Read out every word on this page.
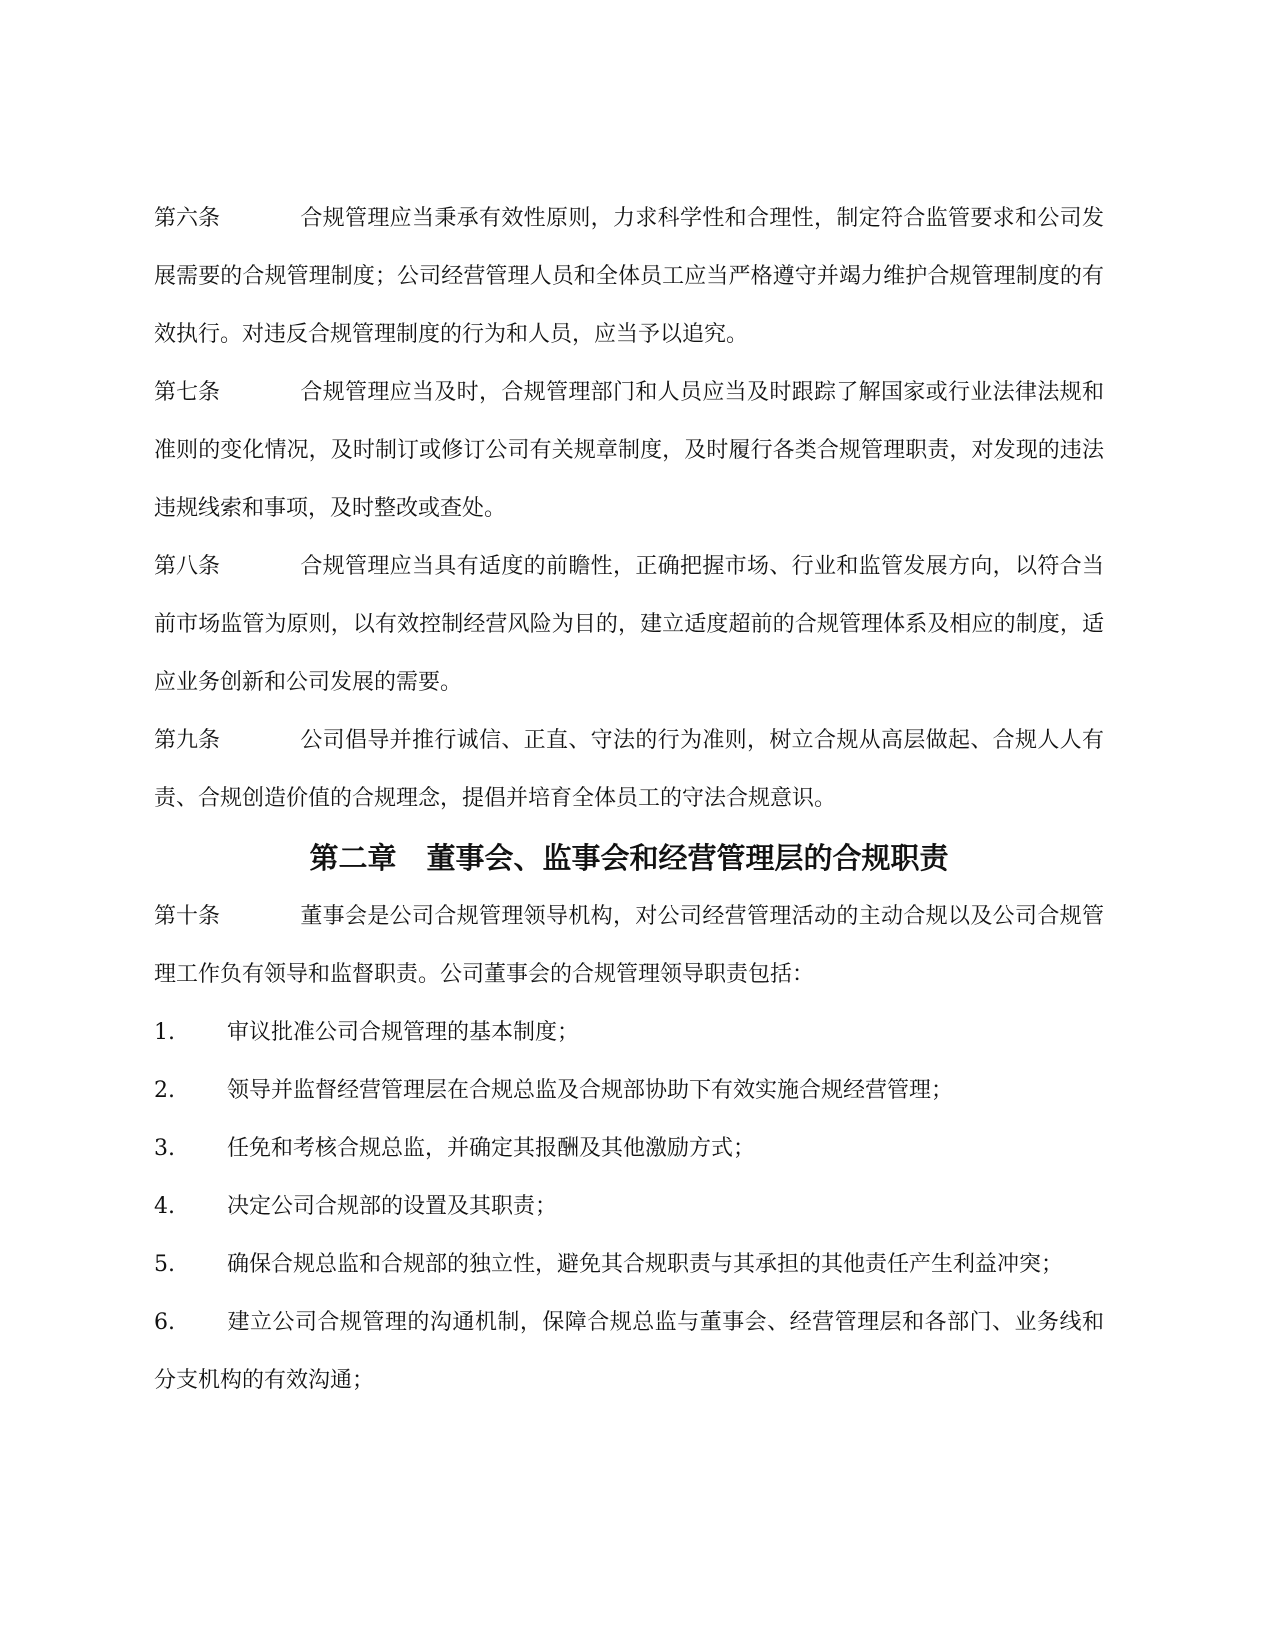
第六条	合规管理应当秉承有效性原则，力求科学性和合理性，制定符合监管要求和公司发展需要的合规管理制度；公司经营管理人员和全体员工应当严格遵守并竭力维护合规管理制度的有效执行。对违反合规管理制度的行为和人员，应当予以追究。

第七条	合规管理应当及时，合规管理部门和人员应当及时跟踪了解国家或行业法律法规和准则的变化情况，及时制订或修订公司有关规章制度，及时履行各类合规管理职责，对发现的违法违规线索和事项，及时整改或查处。

第八条	合规管理应当具有适度的前瞻性，正确把握市场、行业和监管发展方向，以符合当前市场监管为原则，以有效控制经营风险为目的，建立适度超前的合规管理体系及相应的制度，适应业务创新和公司发展的需要。

第九条	公司倡导并推行诚信、正直、守法的行为准则，树立合规从高层做起、合规人人有责、合规创造价值的合规理念，提倡并培育全体员工的守法合规意识。

第二章 董事会、监事会和经营管理层的合规职责

第十条	董事会是公司合规管理领导机构，对公司经营管理活动的主动合规以及公司合规管理工作负有领导和监督职责。公司董事会的合规管理领导职责包括：

1. 审议批准公司合规管理的基本制度；

2. 领导并监督经营管理层在合规总监及合规部协助下有效实施合规经营管理；

3. 任免和考核合规总监，并确定其报酬及其他激励方式；

4. 决定公司合规部的设置及其职责；

5. 确保合规总监和合规部的独立性，避免其合规职责与其承担的其他责任产生利益冲突；

6. 建立公司合规管理的沟通机制，保障合规总监与董事会、经营管理层和各部门、业务线和分支机构的有效沟通；
